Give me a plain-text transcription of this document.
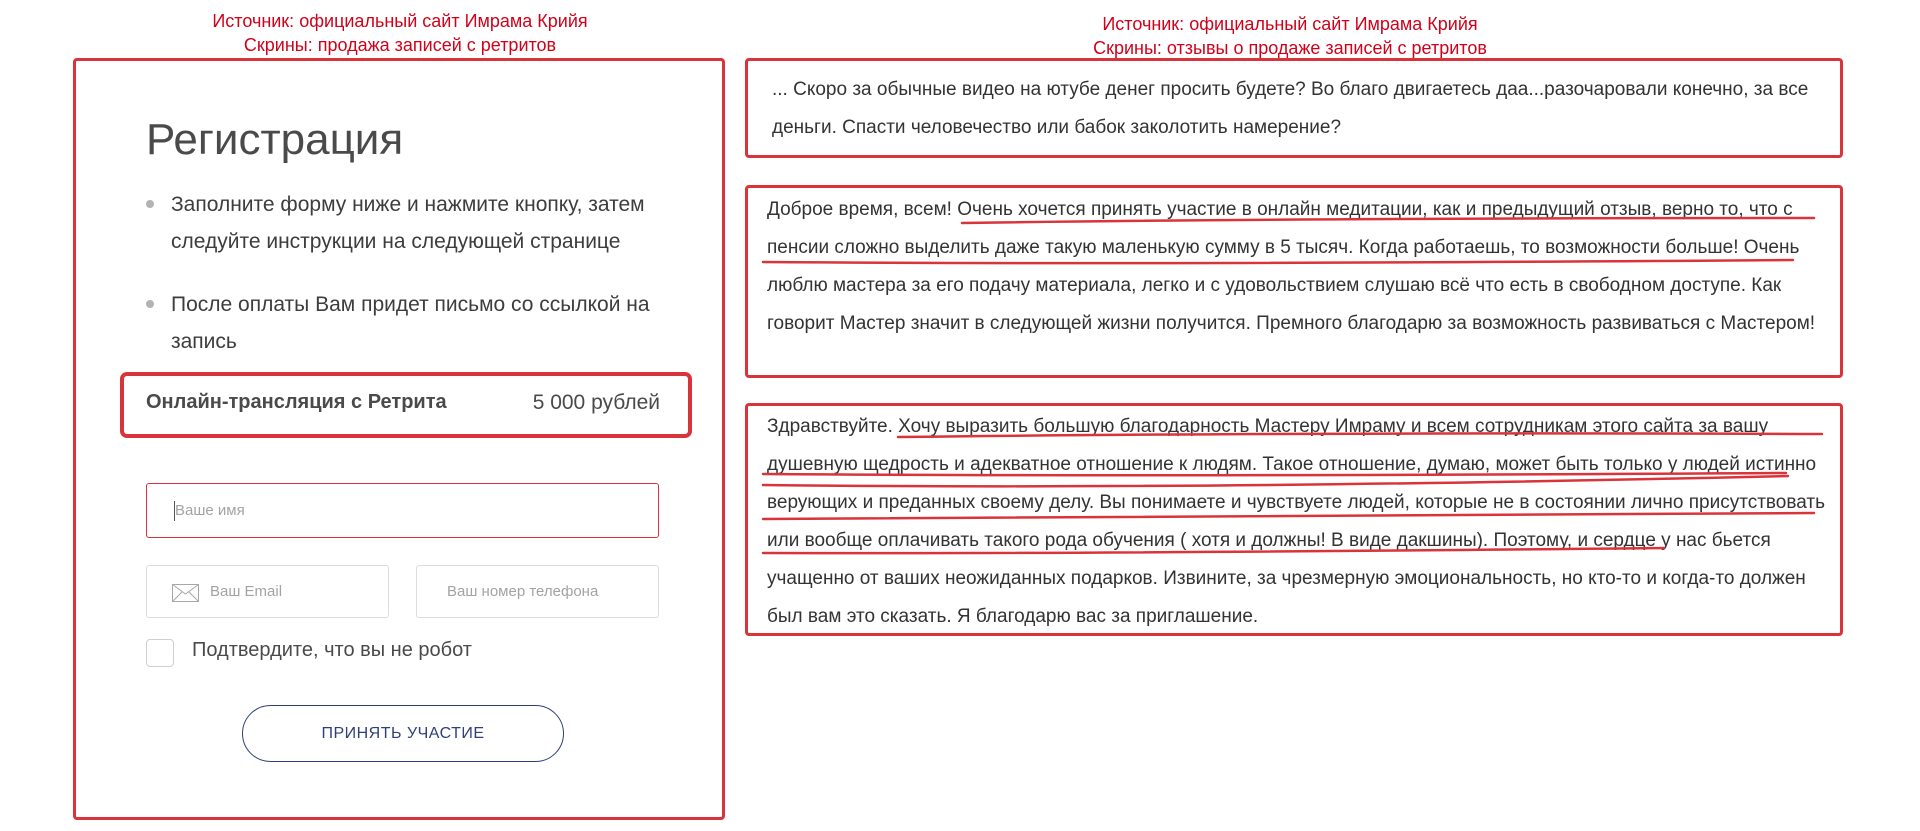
Источник: официальный сайт Имрама Крийя
Скрины: продажа записей с ретритов
Источник: официальный сайт Имрама Крийя
Скрины: отзывы о продаже записей с ретритов
Регистрация
Заполните форму ниже и нажмите кнопку, затем следуйте инструкции на следующей странице
После оплаты Вам придет письмо со ссылкой на запись
Онлайн-трансляция с Ретрита	5 000 рублей
Ваше имя
Ваш Email	Ваш номер телефона
Подтвердите, что вы не робот
ПРИНЯТЬ УЧАСТИЕ
... Скоро за обычные видео на ютубе денег просить будете? Во благо двигаетесь даа...разочаровали конечно, за все деньги. Спасти человечество или бабок заколотить намерение?
Доброе время, всем! Очень хочется принять участие в онлайн медитации, как и предыдущий отзыв, верно то, что с пенсии сложно выделить даже такую маленькую сумму в 5 тысяч. Когда работаешь, то возможности больше! Очень люблю мастера за его подачу материала, легко и с удовольствием слушаю всё что есть в свободном доступе. Как говорит Мастер значит в следующей жизни получится. Премного благодарю за возможность развиваться с Мастером!
Здравствуйте. Хочу выразить большую благодарность Мастеру Имраму и всем сотрудникам этого сайта за вашу душевную щедрость и адекватное отношение к людям. Такое отношение, думаю, может быть только у людей истинно верующих и преданных своему делу. Вы понимаете и чувствуете людей, которые не в состоянии лично присутствовать или вообще оплачивать такого рода обучения ( хотя и должны! В виде дакшины). Поэтому, и сердце у нас бьется учащенно от ваших неожиданных подарков. Извините, за чрезмерную эмоциональность, но кто-то и когда-то должен был вам это сказать. Я благодарю вас за приглашение.
